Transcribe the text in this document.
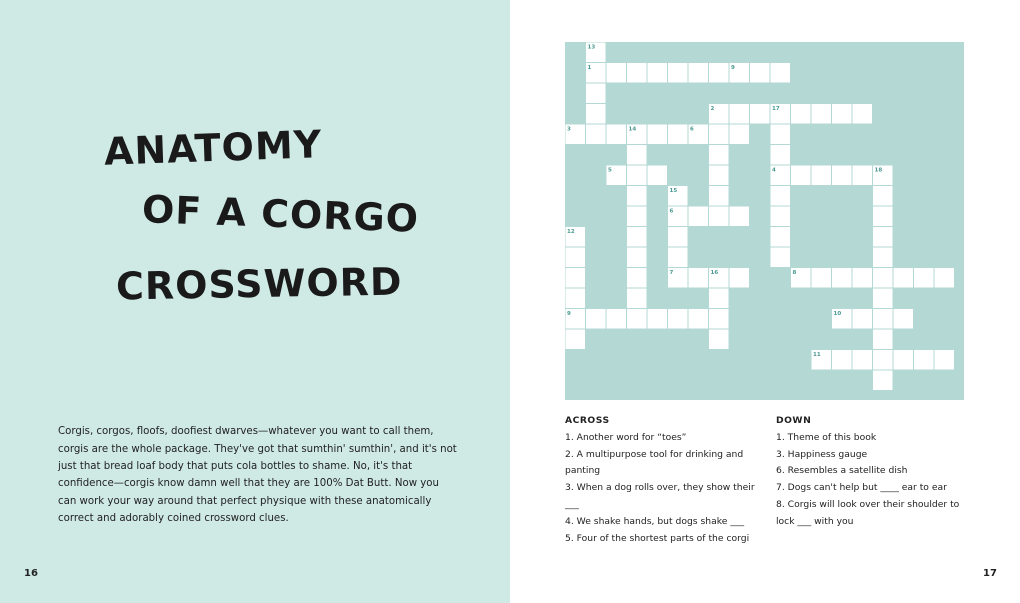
ANATOMY
OF A CORGO
CROSSWORD

Corgis, corgos, floofs, doofiest dwarves—whatever you want to call them, corgis are the whole package. They've got that sumthin' sumthin', and it's not just that bread loaf body that puts cola bottles to shame. No, it's that confidence—corgis know damn well that they are 100% Dat Butt. Now you can work your way around that perfect physique with these anatomically correct and adorably coined crossword clues.

16	17
13
1	9
2	17
3	14	6
5	4	18
15
6
12
7	16	8
9	10
11
ACROSS

1. Another word for “toes”

2. A multipurpose tool for drinking and panting

3. When a dog rolls over, they show their ___

4. We shake hands, but dogs shake ___

5. Four of the shortest parts of the corgi

DOWN

1. Theme of this book

3. Happiness gauge

6. Resembles a satellite dish

7. Dogs can't help but ____ ear to ear

8. Corgis will look over their shoulder to lock ___ with you
